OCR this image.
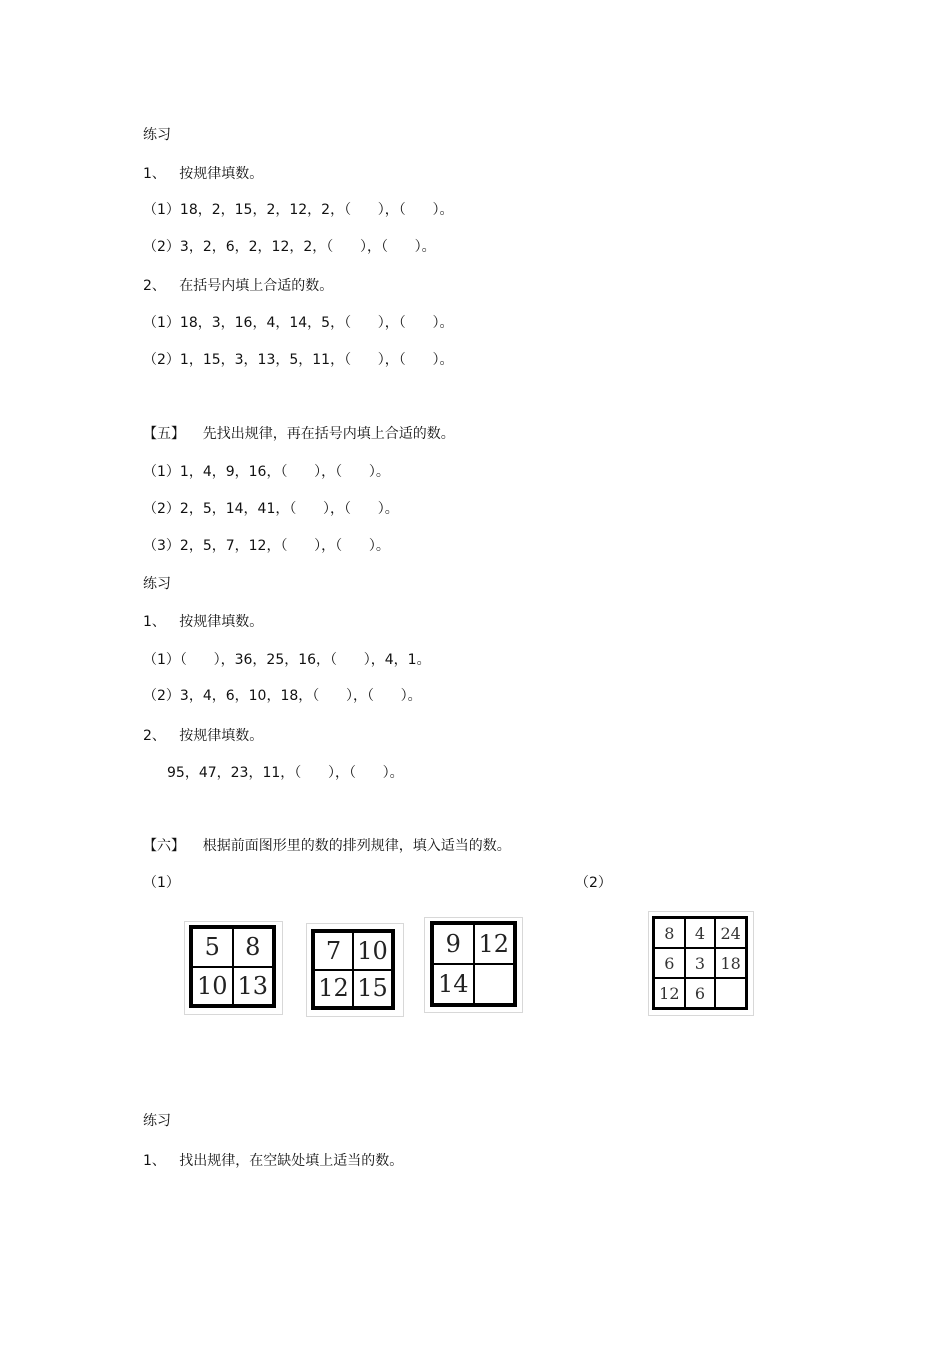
练习
1、   按规律填数。
（1）18，2，15，2，12，2，（      ），（      ）。
（2）3，2，6，2，12，2，（      ），（      ）。
2、   在括号内填上合适的数。
（1）18，3，16，4，14，5，（      ），（      ）。
（2）1，15，3，13，5，11，（      ），（      ）。
【五】    先找出规律，再在括号内填上合适的数。
（1）1，4，9，16，（      ），（      ）。
（2）2，5，14，41，（      ），（      ）。
（3）2，5，7，12，（      ），（      ）。
练习
1、   按规律填数。
（1）（      ），36，25，16，（      ），4，1。
（2）3，4，6，10，18，（      ），（      ）。
2、   按规律填数。
95，47，23，11，（      ），（      ）。
【六】    根据前面图形里的数的排列规律，填入适当的数。
（1）	（2）
5	8
10 13
7 10
12 15
9 12
14
8	4 24
6	3 18
12 6
练习
1、   找出规律，在空缺处填上适当的数。
